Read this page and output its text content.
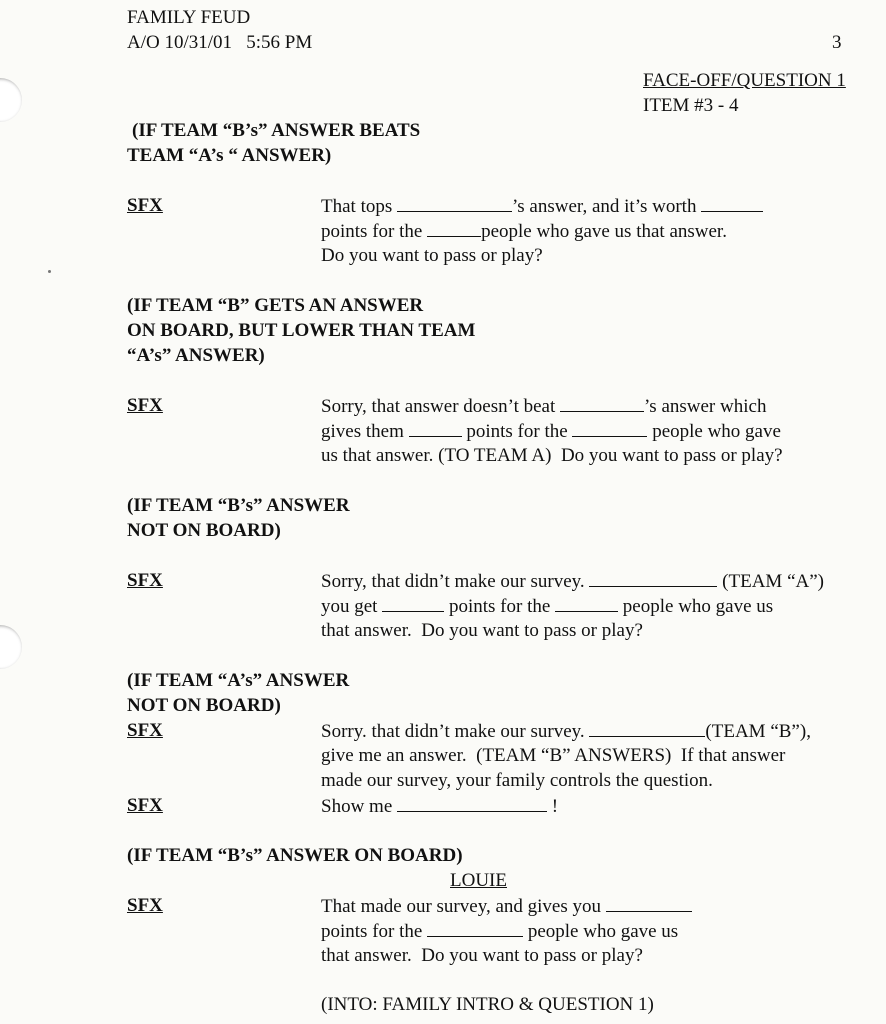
FAMILY FEUD
A/O 10/31/01   5:56 PM	3
FACE-OFF/QUESTION 1
ITEM #3 - 4
(IF TEAM “B’s” ANSWER BEATS
TEAM “A’s “ ANSWER)
SFX	That tops	’s answer, and it’s worth
points for the	people who gave us that answer.
Do you want to pass or play?
(IF TEAM “B” GETS AN ANSWER
ON BOARD, BUT LOWER THAN TEAM
“A’s” ANSWER)
SFX	Sorry, that answer doesn’t beat	’s answer which
gives them	points for the	people who gave
us that answer. (TO TEAM A)  Do you want to pass or play?
(IF TEAM “B’s” ANSWER
NOT ON BOARD)
SFX	Sorry, that didn’t make our survey.	(TEAM “A”)
you get	points for the	people who gave us
that answer.  Do you want to pass or play?
(IF TEAM “A’s” ANSWER
NOT ON BOARD)
SFX	Sorry. that didn’t make our survey.	(TEAM “B”),
give me an answer.  (TEAM “B” ANSWERS)  If that answer
made our survey, your family controls the question.
SFX	Show me	!
(IF TEAM “B’s” ANSWER ON BOARD)
LOUIE
SFX	That made our survey, and gives you
points for the	people who gave us
that answer.  Do you want to pass or play?
(INTO: FAMILY INTRO & QUESTION 1)
